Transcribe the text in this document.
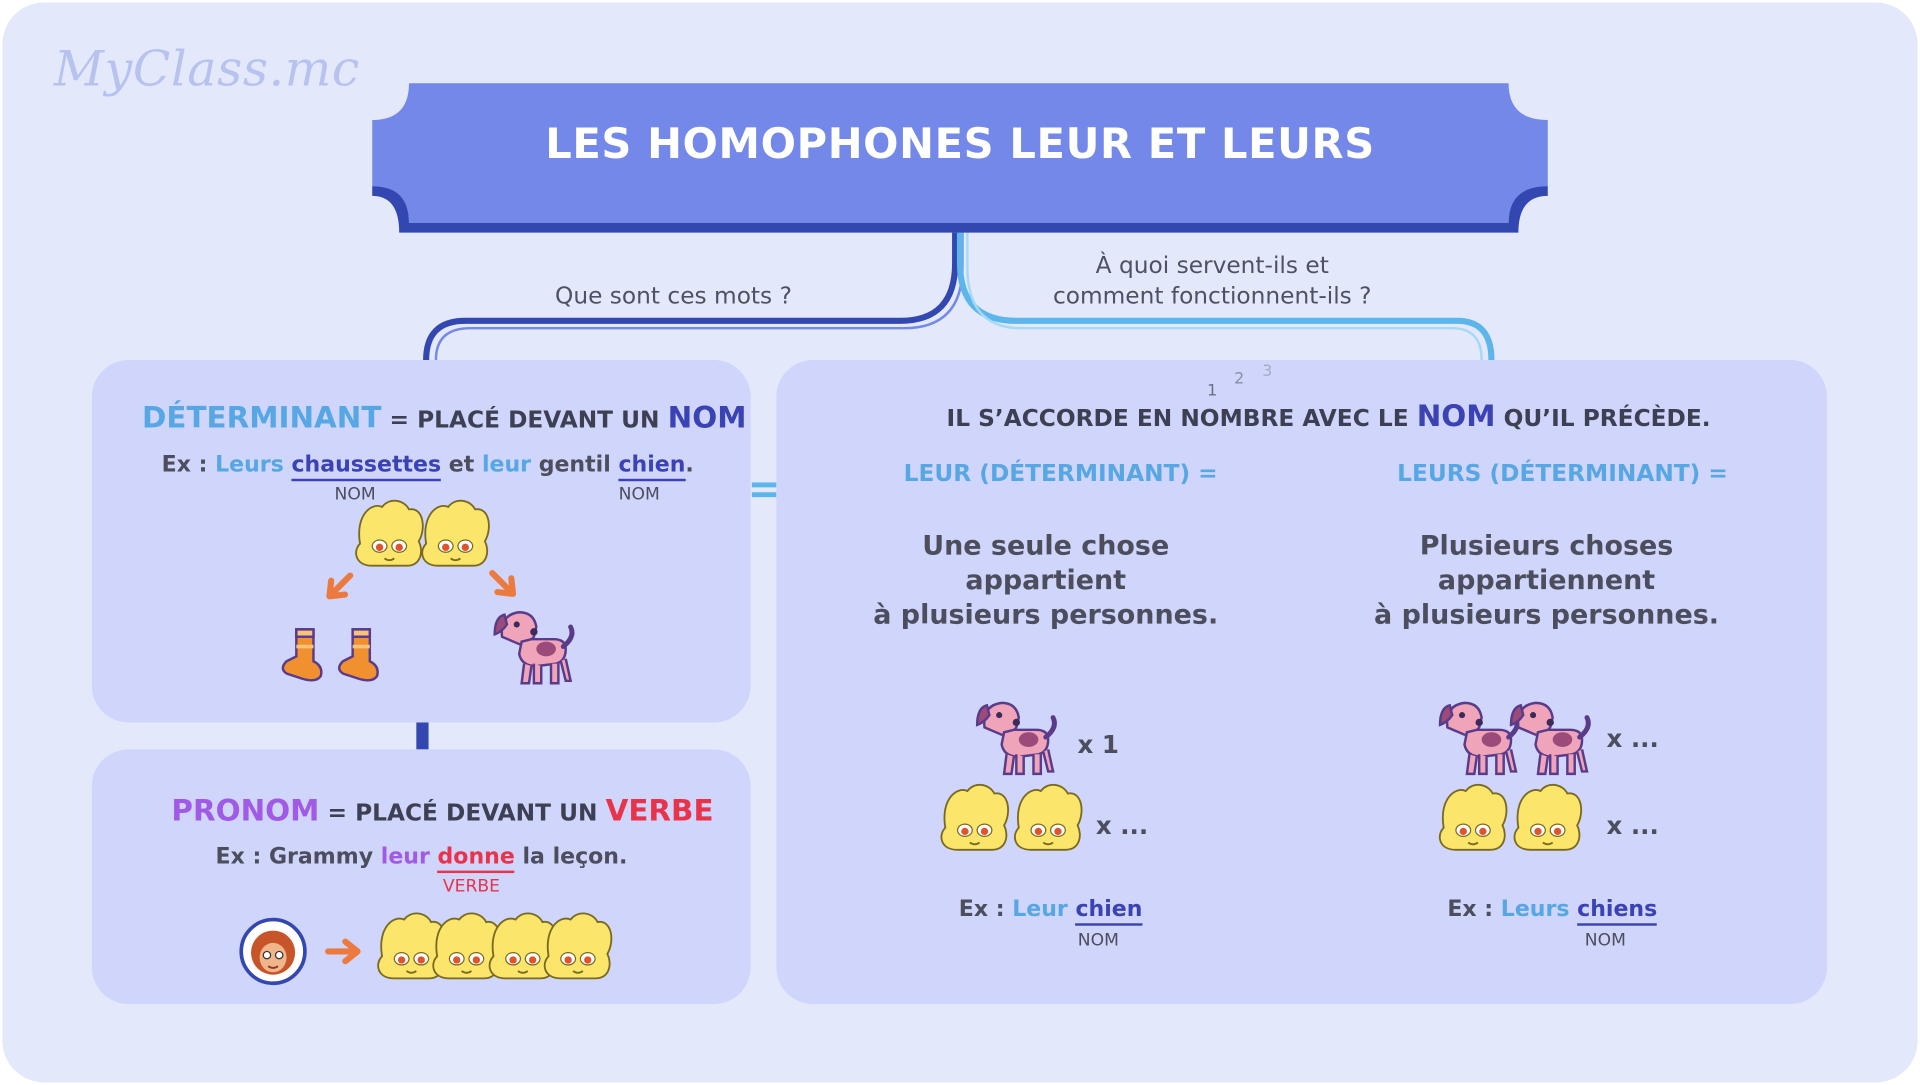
MyClass.mc
LES HOMOPHONES LEUR ET LEURS
Que sont ces mots ?
À quoi servent-ils et
comment fonctionnent-ils ?
DÉTERMINANT = PLACÉ DEVANT UN NOM
Ex : Leurs chaussettes et leur gentil chien.
NOM	NOM
PRONOM = PLACÉ DEVANT UN VERBE
Ex : Grammy leur donne la leçon.
VERBE
IL S’ACCORDE EN NOMBRE AVEC LE NOM QU’IL PRÉCÈDE.
1
2	3
LEUR (DÉTERMINANT) =	LEURS (DÉTERMINANT) =
Une seule chose
appartient
à plusieurs personnes.
Plusieurs choses
appartiennent
à plusieurs personnes.
x 1
x ...
x ...
x ...
Ex : Leur chien
NOM
Ex : Leurs chiens
NOM
